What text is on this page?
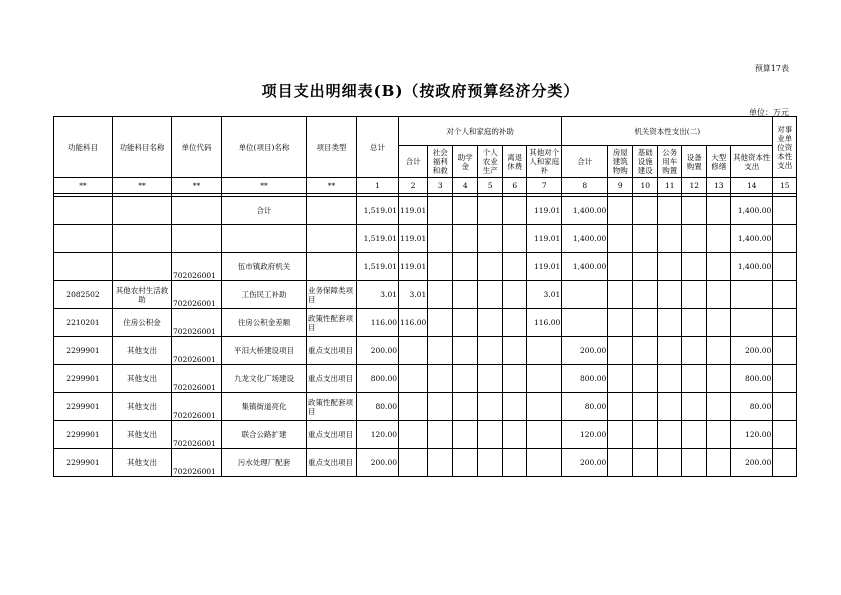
预算17表
项目支出明细表(B)（按政府预算经济分类）
单位：万元
功能科目	功能科目名称	单位代码	单位(项目)名称	项目类型	总计	对个人和家庭的补助						机关资本性支出(二)							对事业单位资本性支出
						合计	社会福利和救	助学金	个人农业生产	离退休费	其他对个人和家庭补	合计	房屋建筑物购	基础设施建设	公务用车购置	设备购置	大型修缮	其他资本性支出	
**	**	**	**	**	1	2	3	4	5	6	7	8	9	10	11	12	13	14	15

			合计		1,519.01	119.01					119.01	1,400.00						1,400.00	
					1,519.01	119.01					119.01	1,400.00						1,400.00	
		702026001	伍市镇政府机关		1,519.01	119.01					119.01	1,400.00						1,400.00	
2082502	其他农村生活救助	702026001	工伤民工补助	业务保障类项目	3.01	3.01					3.01								
2210201	住房公积金	702026001	住房公积金差额	政策性配套项目	116.00	116.00					116.00								
2299901	其他支出	702026001	平汨大桥建设项目	重点支出项目	200.00							200.00						200.00	
2299901	其他支出	702026001	九龙文化广场建设	重点支出项目	800.00							800.00						800.00	
2299901	其他支出	702026001	集镇街道亮化	政策性配套项目	80.00							80.00						80.00	
2299901	其他支出	702026001	联合公路扩建	重点支出项目	120.00							120.00						120.00	
2299901	其他支出	702026001	污水处理厂配套	重点支出项目	200.00							200.00						200.00	
